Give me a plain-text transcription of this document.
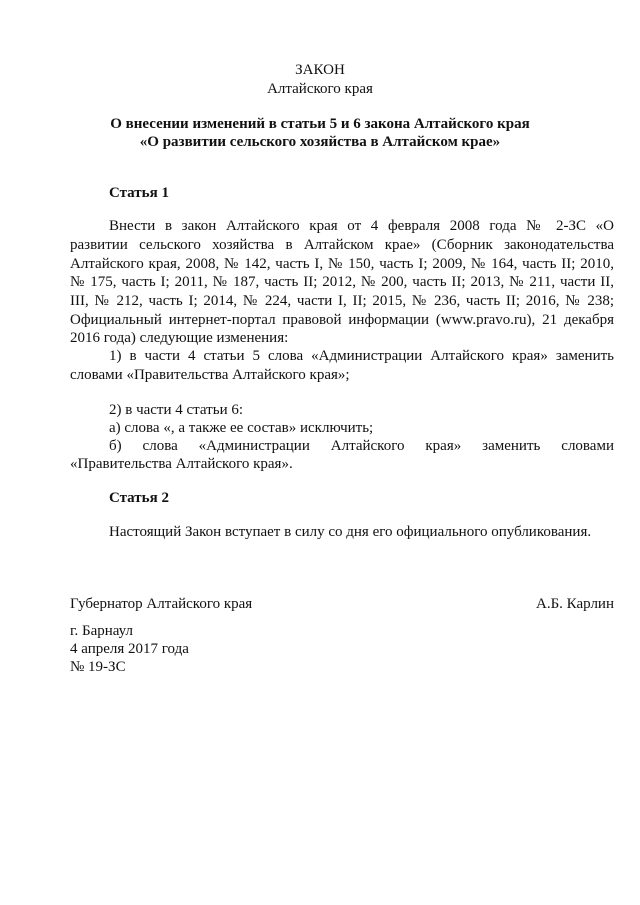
ЗАКОН
Алтайского края
О внесении изменений в статьи 5 и 6 закона Алтайского края
«О развитии сельского хозяйства в Алтайском крае»
Статья 1
Внести в закон Алтайского края от 4 февраля 2008 года № 2-ЗС «О
развитии сельского хозяйства в Алтайском крае» (Сборник законодательства
Алтайского края, 2008, № 142, часть I, № 150, часть I; 2009, № 164, часть II; 2010,
№ 175, часть I; 2011, № 187, часть II; 2012, № 200, часть II; 2013, № 211, части II,
III, № 212, часть I; 2014, № 224, части I, II; 2015, № 236, часть II; 2016, № 238;
Официальный интернет-портал правовой информации (www.pravo.ru), 21 декабря
2016 года) следующие изменения:
1) в части 4 статьи 5 слова «Администрации Алтайского края» заменить
словами «Правительства Алтайского края»;
2) в части 4 статьи 6:
а) слова «, а также ее состав» исключить;
б) слова «Администрации Алтайского края» заменить словами
«Правительства Алтайского края».
Статья 2
Настоящий Закон вступает в силу со дня его официального опубликования.
Губернатор Алтайского края	А.Б. Карлин
г. Барнаул
4 апреля 2017 года
№ 19-ЗС
